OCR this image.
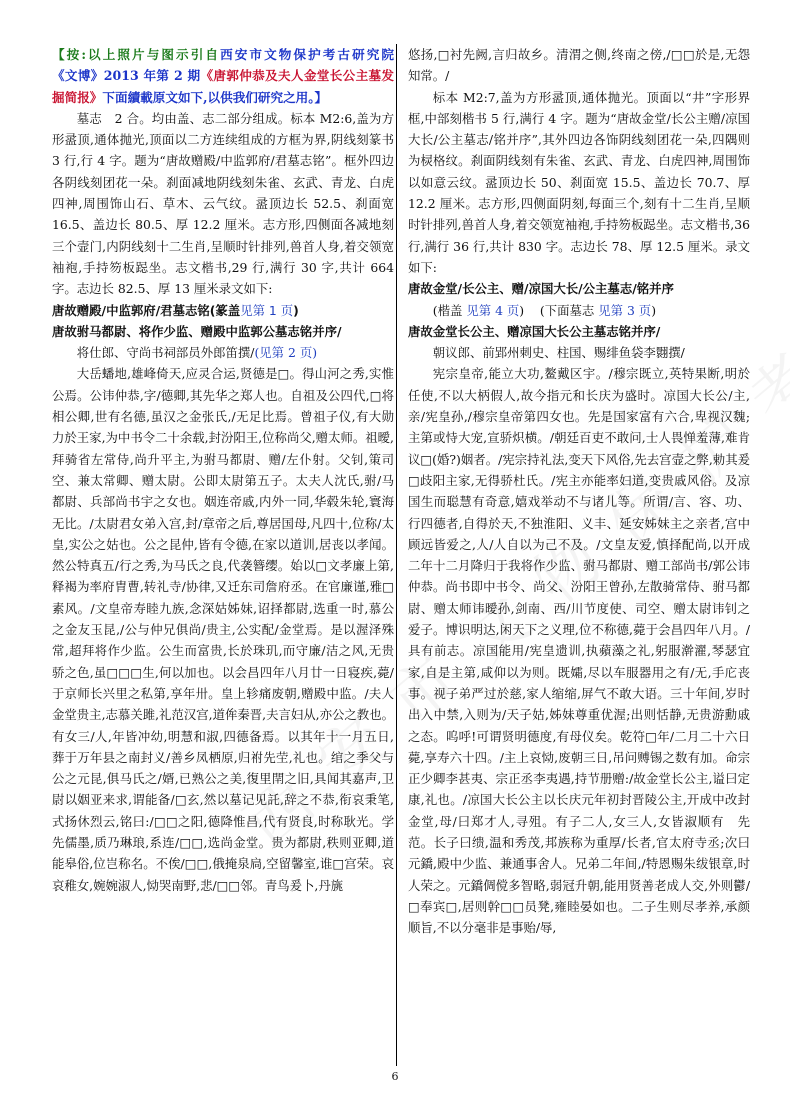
【按:以上照片与图示引自西安市文物保护考古研究院《文博》2013 年第 2 期《唐郭仲恭及夫人金堂长公主墓发掘简报》下面續載原文如下,以供我们研究之用。】

墓志　2 合。均由盖、志二部分组成。标本 M2:6,盖为方形盝顶,通体抛光,顶面以二方连续组成的方框为界,阴线刻篆书 3 行,行 4 字。题为“唐故赠殿/中监郭府/君墓志铭”。框外四边各阴线刻团花一朵。刹面减地阴线刻朱雀、玄武、青龙、白虎四神,周围饰山石、草木、云气纹。盝顶边长 52.5、刹面宽 16.5、盖边长 80.5、厚 12.2 厘米。志方形,四侧面各减地刻三个壸门,内阴线刻十二生肖,呈顺时针排列,兽首人身,着交领宽袖袍,手持笏板跽坐。志文楷书,29 行,满行 30 字,共计 664 字。志边长 82.5、厚 13 厘米录文如下:

唐故赠殿/中监郭府/君墓志铭(篆盖见第 1 页)

唐故驸马都尉、将作少监、赠殿中监郭公墓志铭并序/

将仕郎、守尚书祠部员外郎笛撰/(见第 2 页)

大岳蟠地,雄峰倚天,应灵合运,贤德是□。得山河之秀,实惟公焉。公讳仲恭,字/德卿,其先华之郑人也。自祖及公四代,□将相公卿,世有名德,虽汉之金张氏,/无足比焉。曾祖子仪,有大勋力於王家,为中书令二十余载,封汾阳王,位称尚父,赠太师。祖曖,拜骑省左常侍,尚升平主,为驸马都尉、赠/左仆射。父钊,策司空、兼太常卿、赠太尉。公即太尉第五子。太夫人沈氏,驸/马都尉、兵部尚书宇之女也。姻连帝戚,内外一同,华毂朱轮,寰海无比。/太尉君女弟入宫,封/章帝之后,尊居国母,凡四十,位称/太皇,实公之姑也。公之昆仲,皆有令德,在家以道训,居丧以孝闻。然公特真五/行之秀,为马氏之良,代袭簪缨。始以□文孝廉上第,释褐为率府胄曹,转礼寺/协律,又迁东司詹府丞。在官廉谨,雅□素风。/文皇帝寿睦九族,念深姑姊妹,诏择都尉,选重一时,慕公之金友玉昆,/公与仲兄俱尚/贵主,公实配/金堂焉。是以渥泽殊常,超拜将作少监。公生而富贵,长於珠玑,而守廉/洁之风,无贵骄之色,虽□□□生,何以加也。以会昌四年八月廿一日寝疾,薨/于京师长兴里之私第,享年卅。皇上轸痛废朝,赠殿中监。/夫人金堂贵主,志慕关雎,礼范汉宫,道侔秦晋,夫言妇从,亦公之教也。有女三/人,年皆冲幼,明慧和淑,四德备焉。以其年十一月五日,葬于万年县之南封义/善乡凤栖原,归祔先茔,礼也。绾之季父与公之元昆,俱马氏之/婿,已熟公之美,復里閈之旧,具闻其嘉声,卫尉以姻亚来求,谓能备/□玄,然以墓记见託,辞之不恭,衔哀秉笔,式扬休烈云,铭曰:/□□之阳,德降惟昌,代有贤良,时称耿光。学先儒墨,质乃琳琅,系连/□□,选尚金堂。贵为都尉,秩则亚卿,道能皋俗,位岂称名。不俟/□□,俄掩泉扃,空留馨室,谁□宫荣。哀哀稚女,婉婉淑人,恸哭南野,悲/□□邻。青鸟爰卜,丹旐

悠扬,□衬先阙,言归故乡。清渭之侧,终南之傍,/□□於是,无怨知常。/

标本 M2:7,盖为方形盝顶,通体抛光。顶面以“井”字形界框,中部刻楷书 5 行,满行 4 字。题为“唐故金堂/长公主赠/凉国大长/公主墓志/铭并序”,其外四边各饰阴线刻团花一朵,四隅则为棂格纹。刹面阴线刻有朱雀、玄武、青龙、白虎四神,周围饰以如意云纹。盝顶边长 50、刹面宽 15.5、盖边长 70.7、厚 12.2 厘米。志方形,四侧面阴刻,每面三个,刻有十二生肖,呈顺时针排列,兽首人身,着交领宽袖袍,手持笏板跽坐。志文楷书,36 行,满行 36 行,共计 830 字。志边长 78、厚 12.5 厘米。录文如下:

唐故金堂/长公主、赠/凉国大长/公主墓志/铭并序

(楷盖 见第 4 页) (下面墓志 见第 3 页)

唐故金堂长公主、赠凉国大长公主墓志铭并序/

朝议郎、前郢州刺史、柱国、赐绯鱼袋李翾撰/

宪宗皇帝,能立大功,鳌戴区宇。/穆宗既立,英特果断,明於任使,不以大柄假人,故今指元和长庆为盛时。凉国大长公/主,亲/宪皇孙,/穆宗皇帝第四女也。先是国家富有六合,卑视汉魏;主第或恃大宠,宣骄炽横。/朝廷百吏不敢问,士人畏惮羞薄,难肯议□(婚?)姻者。/宪宗持礼法,变天下风俗,先去宫壸之弊,勅其爰□歧阳主家,无得骄杜氏。/宪主亦能率妇道,变贵戚风俗。及凉国生而聪慧有奇意,嬉戏举动不与诸儿等。所谓/言、容、功、行四德者,自得於天,不独淮阳、义丰、延安姊妹主之亲者,宫中顾远皆爱之,人/人自以为己不及。/文皇友爱,慎择配尚,以开成二年十二月降归于我将作少监、驸马都尉、赠工部尚书/郭公讳仲恭。尚书即中书令、尚父、汾阳王曾孙,左散骑常侍、驸马都尉、赠太师讳曖孙,剑南、西/川节度使、司空、赠太尉讳钊之爱子。博识明达,闲天下之义理,位不称德,薨于会昌四年八月。/具有前志。凉国能用/宪皇遗训,执蘋藻之礼,躬服澣濯,琴瑟宜家,自是主第,咸仰以为则。既孀,尽以车服器用之有/无,手庀丧事。视子弟严过於慈,家人缩缩,屏气不敢大语。三十年间,岁时出入中禁,入则为/天子姑,姊妹尊重优渥;出则恬静,无贵游勳戚之态。呜呼!可谓贤明德度,有母仪矣。乾符□年/二月二十六日薨,享寿六十四。/主上哀恸,废朝三日,吊问赙锡之数有加。命宗正少卿李甚夷、宗正丞李夷遇,持节册赠:/故金堂长公主,谥曰定康,礼也。/凉国大长公主以长庆元年初封晋陵公主,开成中改封金堂,母/曰郑才人,寻殂。有子二人,女三人,女皆淑顺有　先范。长子曰缋,温和秀茂,邦族称为重厚/长者,官太府寺丞;次曰元鐈,殿中少监、兼通事舍人。兄弟二年间,/特恩赐朱绂银章,时人荣之。元鐈倜傥多智略,弱冠升朝,能用贤善老成人交,外则鬱/□奉宾□,居则幹□□员凳,雍睦晏如也。二子生则尽孝养,承颜顺旨,不以分毫非是事贻/辱,

6
